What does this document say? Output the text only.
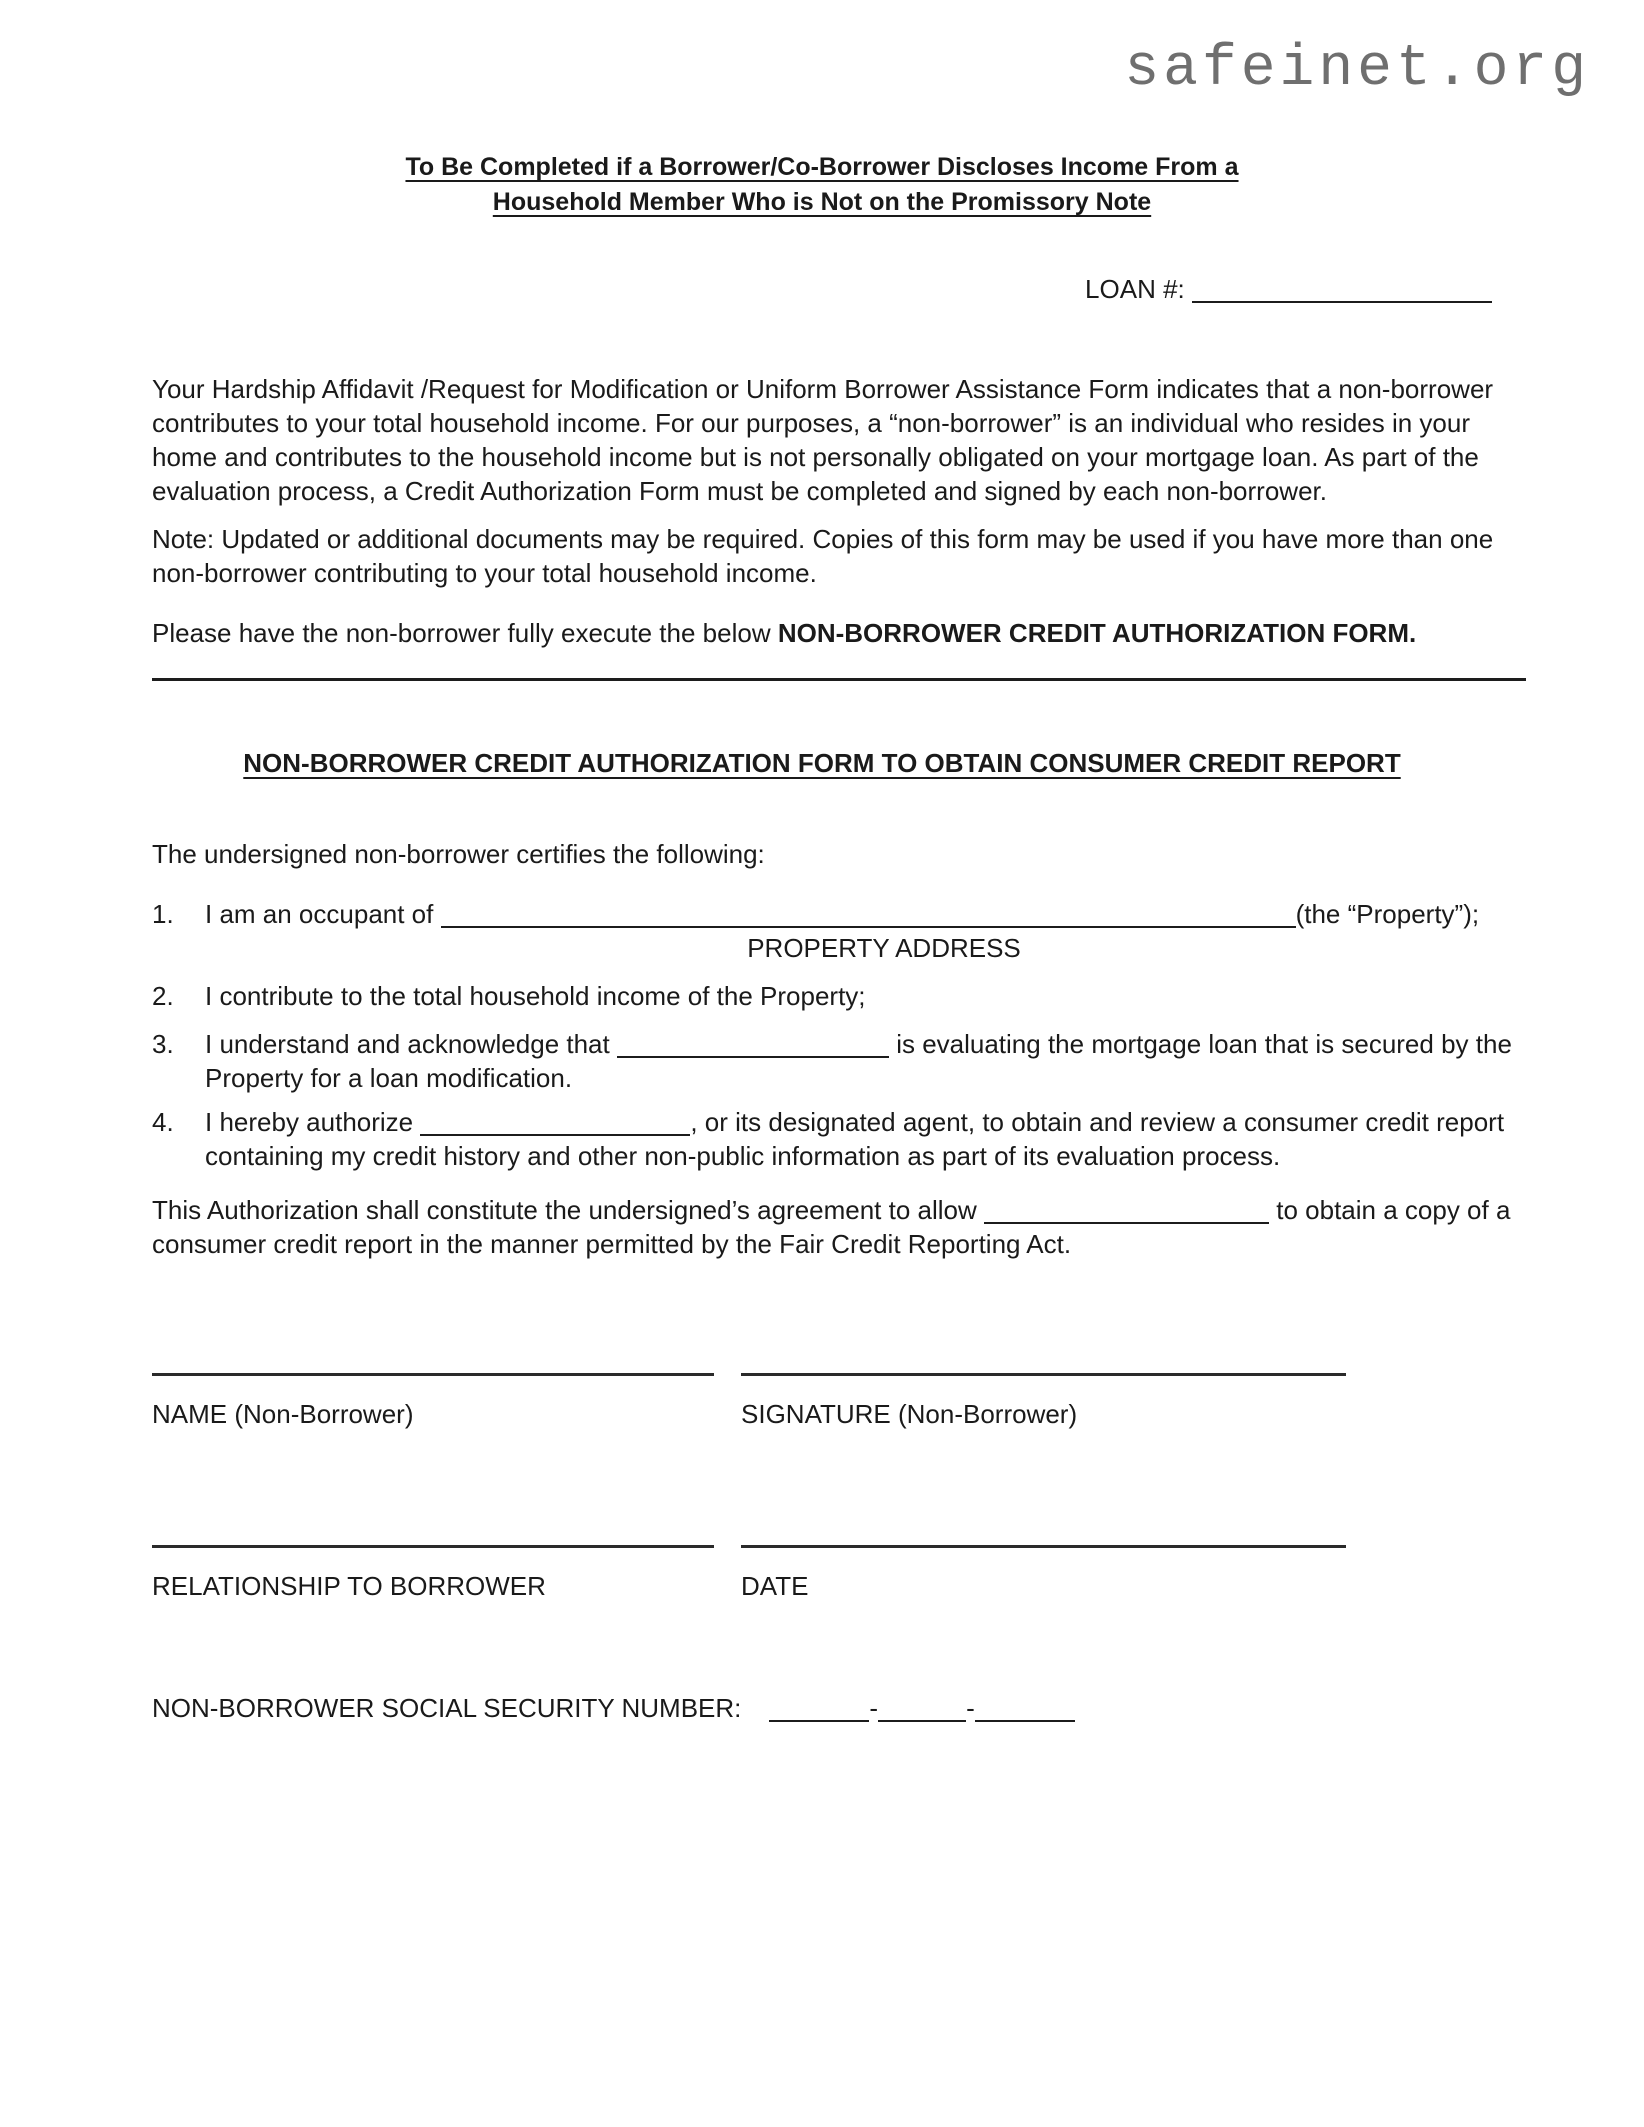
safeinet.org
To Be Completed if a Borrower/Co-Borrower Discloses Income From a
Household Member Who is Not on the Promissory Note
LOAN #:
Your Hardship Affidavit /Request for Modification or Uniform Borrower Assistance Form indicates that a non-borrower contributes to your total household income. For our purposes, a “non-borrower” is an individual who resides in your home and contributes to the household income but is not personally obligated on your mortgage loan. As part of the evaluation process, a Credit Authorization Form must be completed and signed by each non-borrower.
Note: Updated or additional documents may be required. Copies of this form may be used if you have more than one non-borrower contributing to your total household income.
Please have the non-borrower fully execute the below NON-BORROWER CREDIT AUTHORIZATION FORM.
NON-BORROWER CREDIT AUTHORIZATION FORM TO OBTAIN CONSUMER CREDIT REPORT
The undersigned non-borrower certifies the following:
1. I am an occupant of	(the “Property”);
PROPERTY ADDRESS
2. I contribute to the total household income of the Property;
3. I understand and acknowledge that	is evaluating the mortgage loan that is secured by the Property for a loan modification.
4. I hereby authorize	, or its designated agent, to obtain and review a consumer credit report containing my credit history and other non-public information as part of its evaluation process.
This Authorization shall constitute the undersigned’s agreement to allow	to obtain a copy of a consumer credit report in the manner permitted by the Fair Credit Reporting Act.
NAME (Non-Borrower)	SIGNATURE (Non-Borrower)
RELATIONSHIP TO BORROWER	DATE
NON-BORROWER SOCIAL SECURITY NUMBER:	-	-
